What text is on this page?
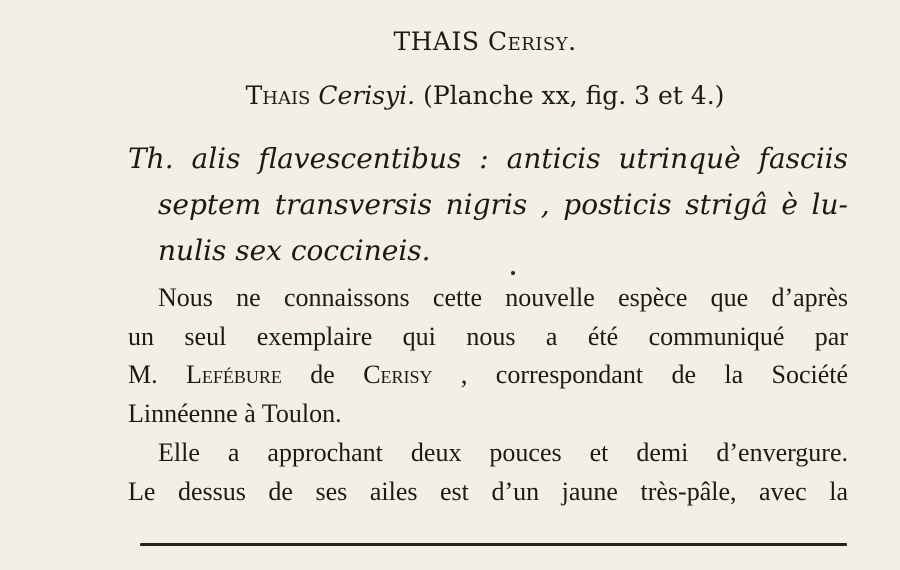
THAIS Cerisy.
Thais Cerisyi. (Planche xx, fig. 3 et 4.)
Th. alis flavescentibus : anticis utrinquè fasciis
septem transversis nigris , posticis strigâ è lu-
nulis sex coccineis.
Nous ne connaissons cette nouvelle espèce que d’après
un seul exemplaire qui nous a été communiqué par
M. Lefébure de Cerisy , correspondant de la Société
Linnéenne à Toulon.
Elle a approchant deux pouces et demi d’envergure.
Le dessus de ses ailes est d’un jaune très-pâle, avec la
